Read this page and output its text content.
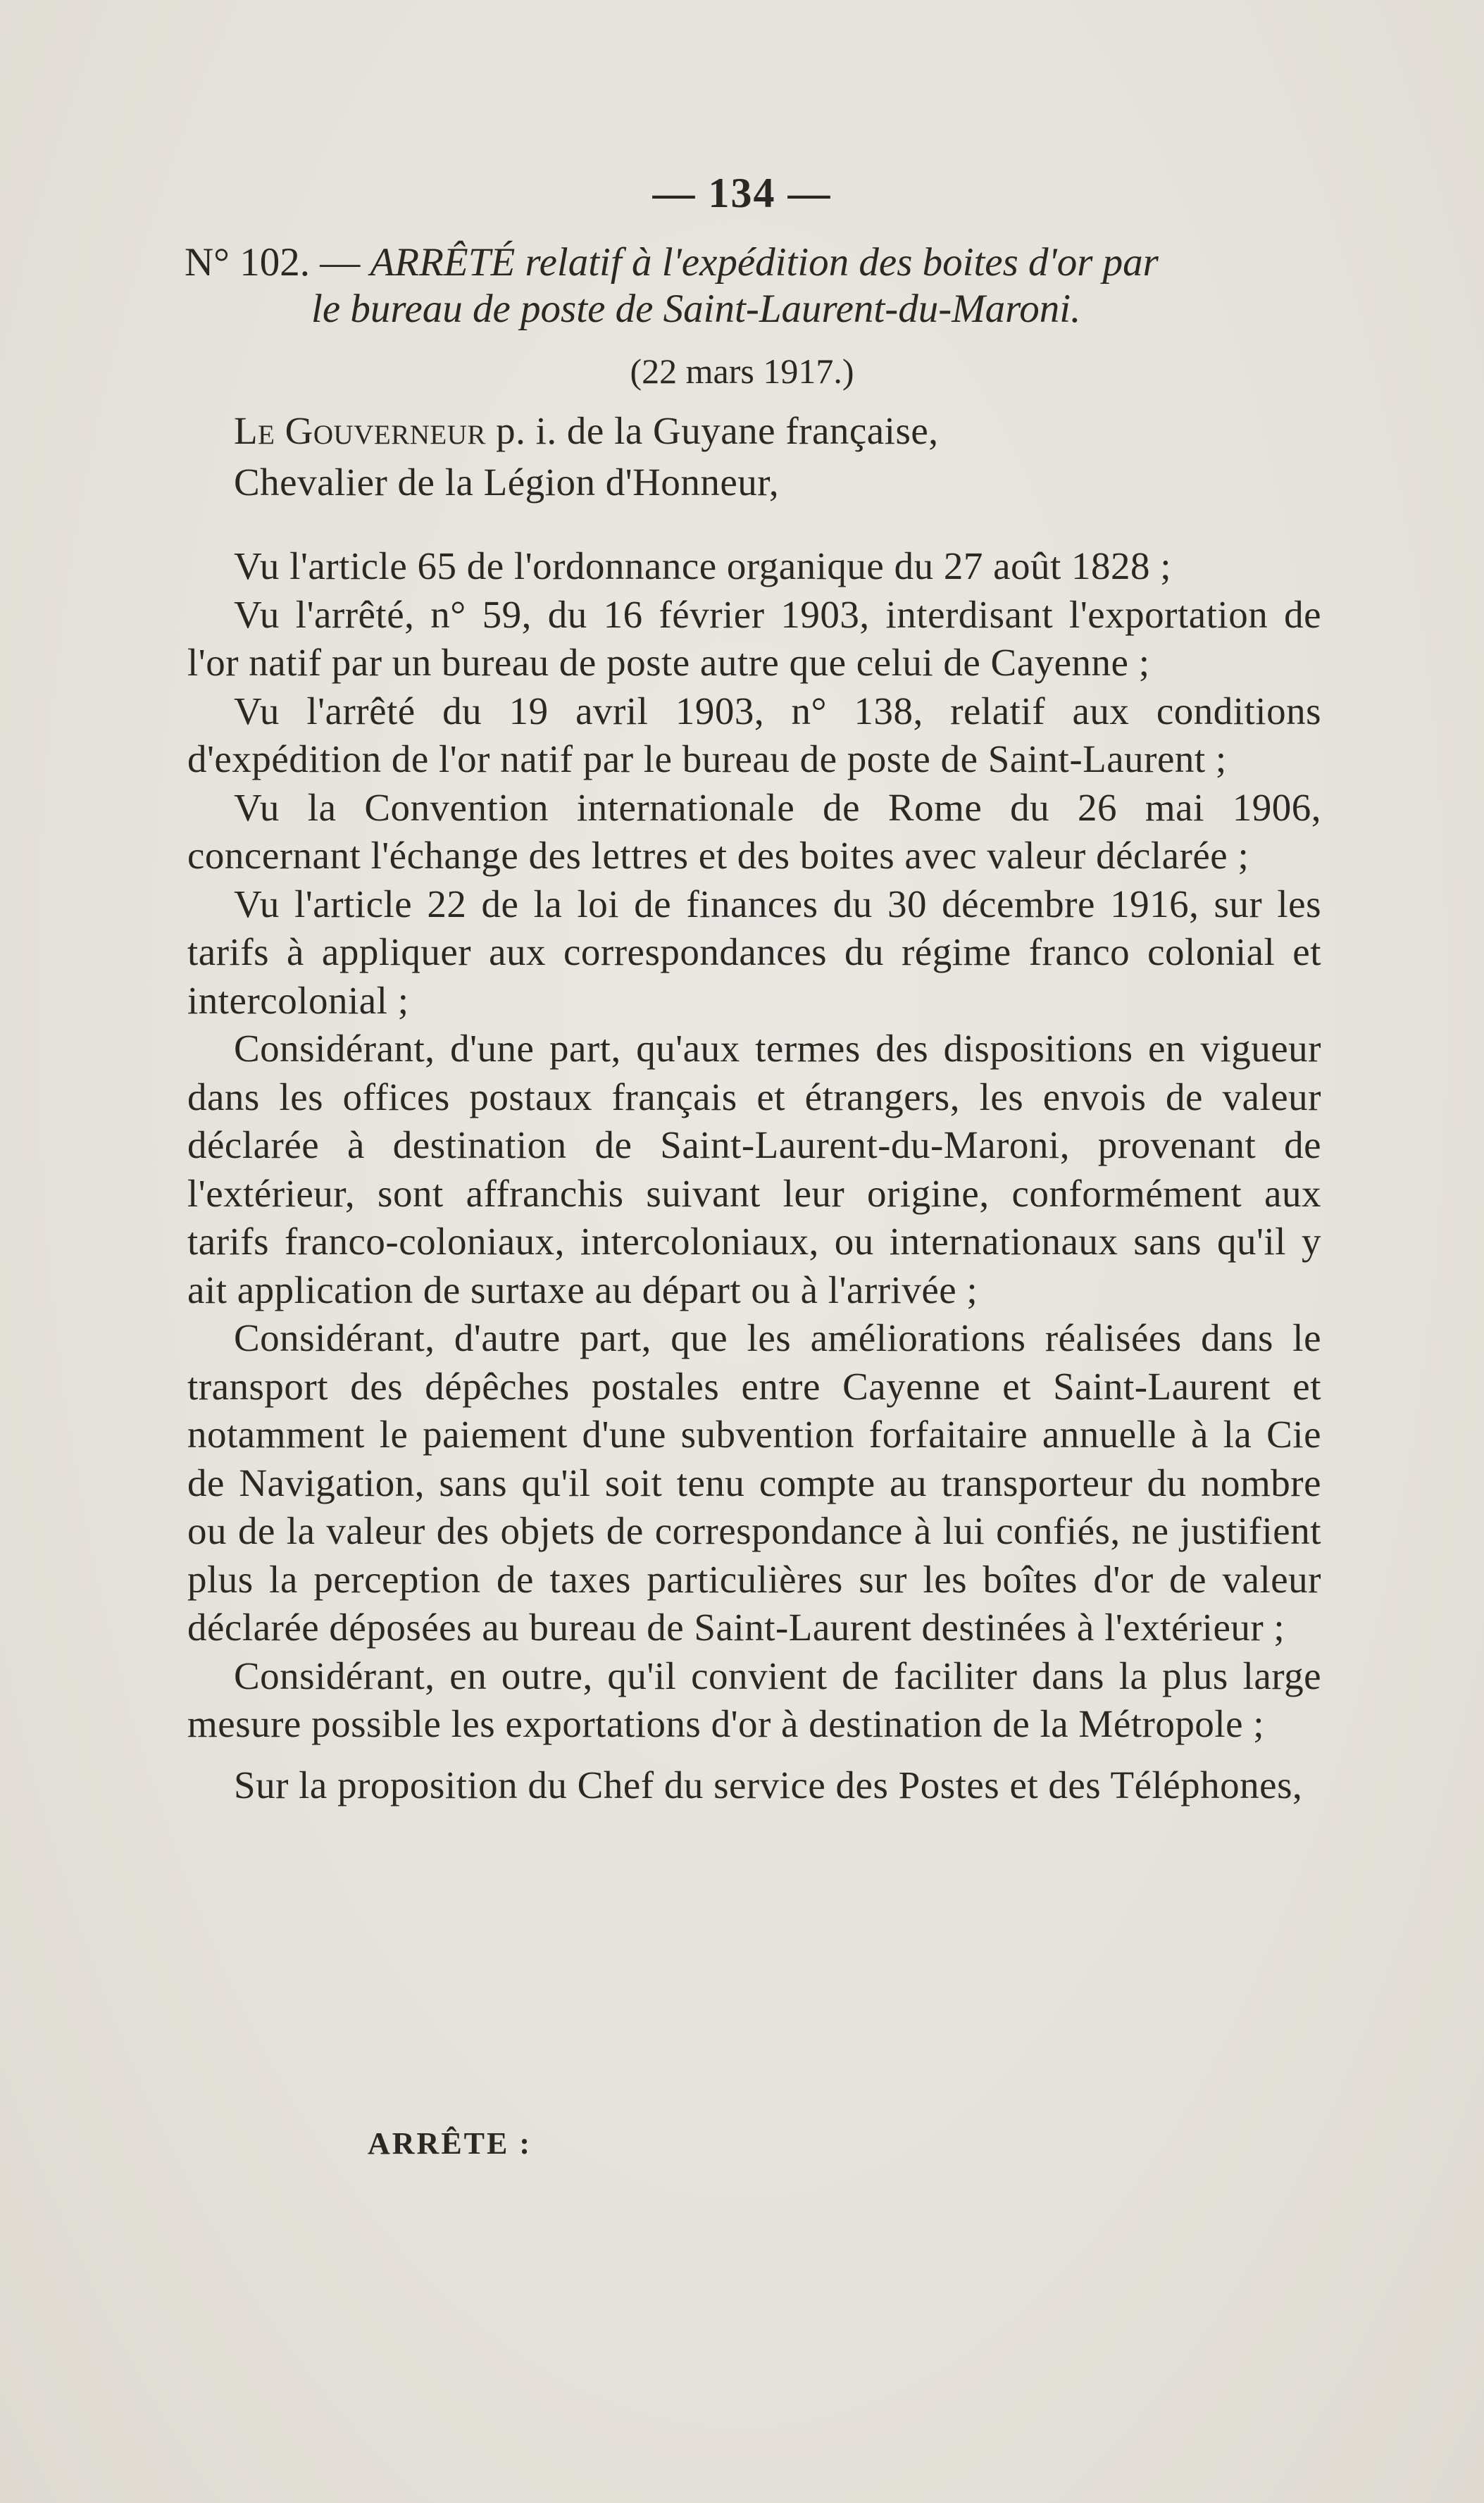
— 134 —
N° 102. — ARRÊTÉ relatif à l'expédition des boites d'or par
le bureau de poste de Saint-Laurent-du-Maroni.
(22 mars 1917.)

Le Gouverneur p. i. de la Guyane française,

Chevalier de la Légion d'Honneur,

Vu l'article 65 de l'ordonnance organique du 27 août 1828 ;

Vu l'arrêté, n° 59, du 16 février 1903, interdisant l'exportation de l'or natif par un bureau de poste autre que celui de Cayenne ;

Vu l'arrêté du 19 avril 1903, n° 138, relatif aux conditions d'expédition de l'or natif par le bureau de poste de Saint-Laurent ;

Vu la Convention internationale de Rome du 26 mai 1906, concernant l'échange des lettres et des boites avec valeur déclarée ;

Vu l'article 22 de la loi de finances du 30 décembre 1916, sur les tarifs à appliquer aux correspondances du régime franco colonial et intercolonial ;

Considérant, d'une part, qu'aux termes des dispositions en vigueur dans les offices postaux français et étrangers, les envois de valeur déclarée à destination de Saint-Laurent-du-Maroni, provenant de l'extérieur, sont affranchis suivant leur origine, conformément aux tarifs franco-coloniaux, intercoloniaux, ou internationaux sans qu'il y ait application de surtaxe au départ ou à l'arrivée ;

Considérant, d'autre part, que les améliorations réalisées dans le transport des dépêches postales entre Cayenne et Saint-Laurent et notamment le paiement d'une subvention forfaitaire annuelle à la Cie de Navigation, sans qu'il soit tenu compte au transporteur du nombre ou de la valeur des objets de correspondance à lui confiés, ne justifient plus la perception de taxes particulières sur les boîtes d'or de valeur déclarée déposées au bureau de Saint-Laurent destinées à l'extérieur ;

Considérant, en outre, qu'il convient de faciliter dans la plus large mesure possible les exportations d'or à destination de la Métropole ;

Sur la proposition du Chef du service des Postes et des Téléphones,

ARRÊTE :
